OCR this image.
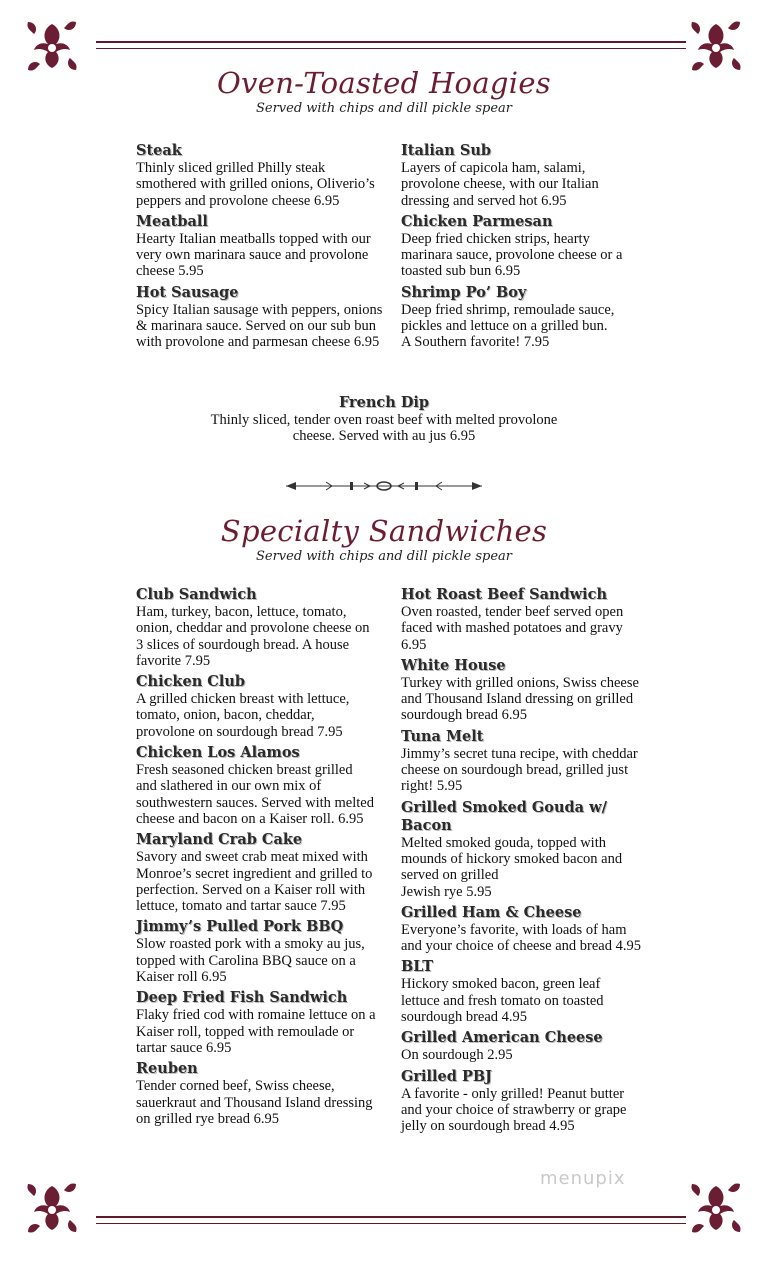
Oven-Toasted Hoagies
Served with chips and dill pickle spear
Steak
Thinly sliced grilled Philly steak smothered with grilled onions, Oliverio’s peppers and provolone cheese 6.95
Meatball
Hearty Italian meatballs topped with our very own marinara sauce and provolone cheese 5.95
Hot Sausage
Spicy Italian sausage with peppers, onions & marinara sauce. Served on our sub bun with provolone and parmesan cheese 6.95
Italian Sub
Layers of capicola ham, salami, provolone cheese, with our Italian dressing and served hot 6.95
Chicken Parmesan
Deep fried chicken strips, hearty marinara sauce, provolone cheese or a toasted sub bun 6.95
Shrimp Po’ Boy
Deep fried shrimp, remoulade sauce, pickles and lettuce on a grilled bun.
A Southern favorite! 7.95
French Dip
Thinly sliced, tender oven roast beef with melted provolone cheese. Served with au jus 6.95
Specialty Sandwiches
Served with chips and dill pickle spear
Club Sandwich
Ham, turkey, bacon, lettuce, tomato, onion, cheddar and provolone cheese on 3 slices of sourdough bread. A house favorite 7.95
Chicken Club
A grilled chicken breast with lettuce, tomato, onion, bacon, cheddar, provolone on sourdough bread 7.95
Chicken Los Alamos
Fresh seasoned chicken breast grilled and slathered in our own mix of southwestern sauces. Served with melted cheese and bacon on a Kaiser roll. 6.95
Maryland Crab Cake
Savory and sweet crab meat mixed with Monroe’s secret ingredient and grilled to perfection. Served on a Kaiser roll with lettuce, tomato and tartar sauce 7.95
Jimmy’s Pulled Pork BBQ
Slow roasted pork with a smoky au jus, topped with Carolina BBQ sauce on a Kaiser roll 6.95
Deep Fried Fish Sandwich
Flaky fried cod with romaine lettuce on a Kaiser roll, topped with remoulade or tartar sauce 6.95
Reuben
Tender corned beef, Swiss cheese, sauerkraut and Thousand Island dressing on grilled rye bread 6.95
Hot Roast Beef Sandwich
Oven roasted, tender beef served open faced with mashed potatoes and gravy 6.95
White House
Turkey with grilled onions, Swiss cheese and Thousand Island dressing on grilled sourdough bread 6.95
Tuna Melt
Jimmy’s secret tuna recipe, with cheddar cheese on sourdough bread, grilled just right! 5.95
Grilled Smoked Gouda w/ Bacon
Melted smoked gouda, topped with mounds of hickory smoked bacon and served on grilled
Jewish rye 5.95
Grilled Ham & Cheese
Everyone’s favorite, with loads of ham and your choice of cheese and bread 4.95
BLT
Hickory smoked bacon, green leaf lettuce and fresh tomato on toasted sourdough bread 4.95
Grilled American Cheese
On sourdough 2.95
Grilled PBJ
A favorite - only grilled! Peanut butter and your choice of strawberry or grape jelly on sourdough bread 4.95
menupix
